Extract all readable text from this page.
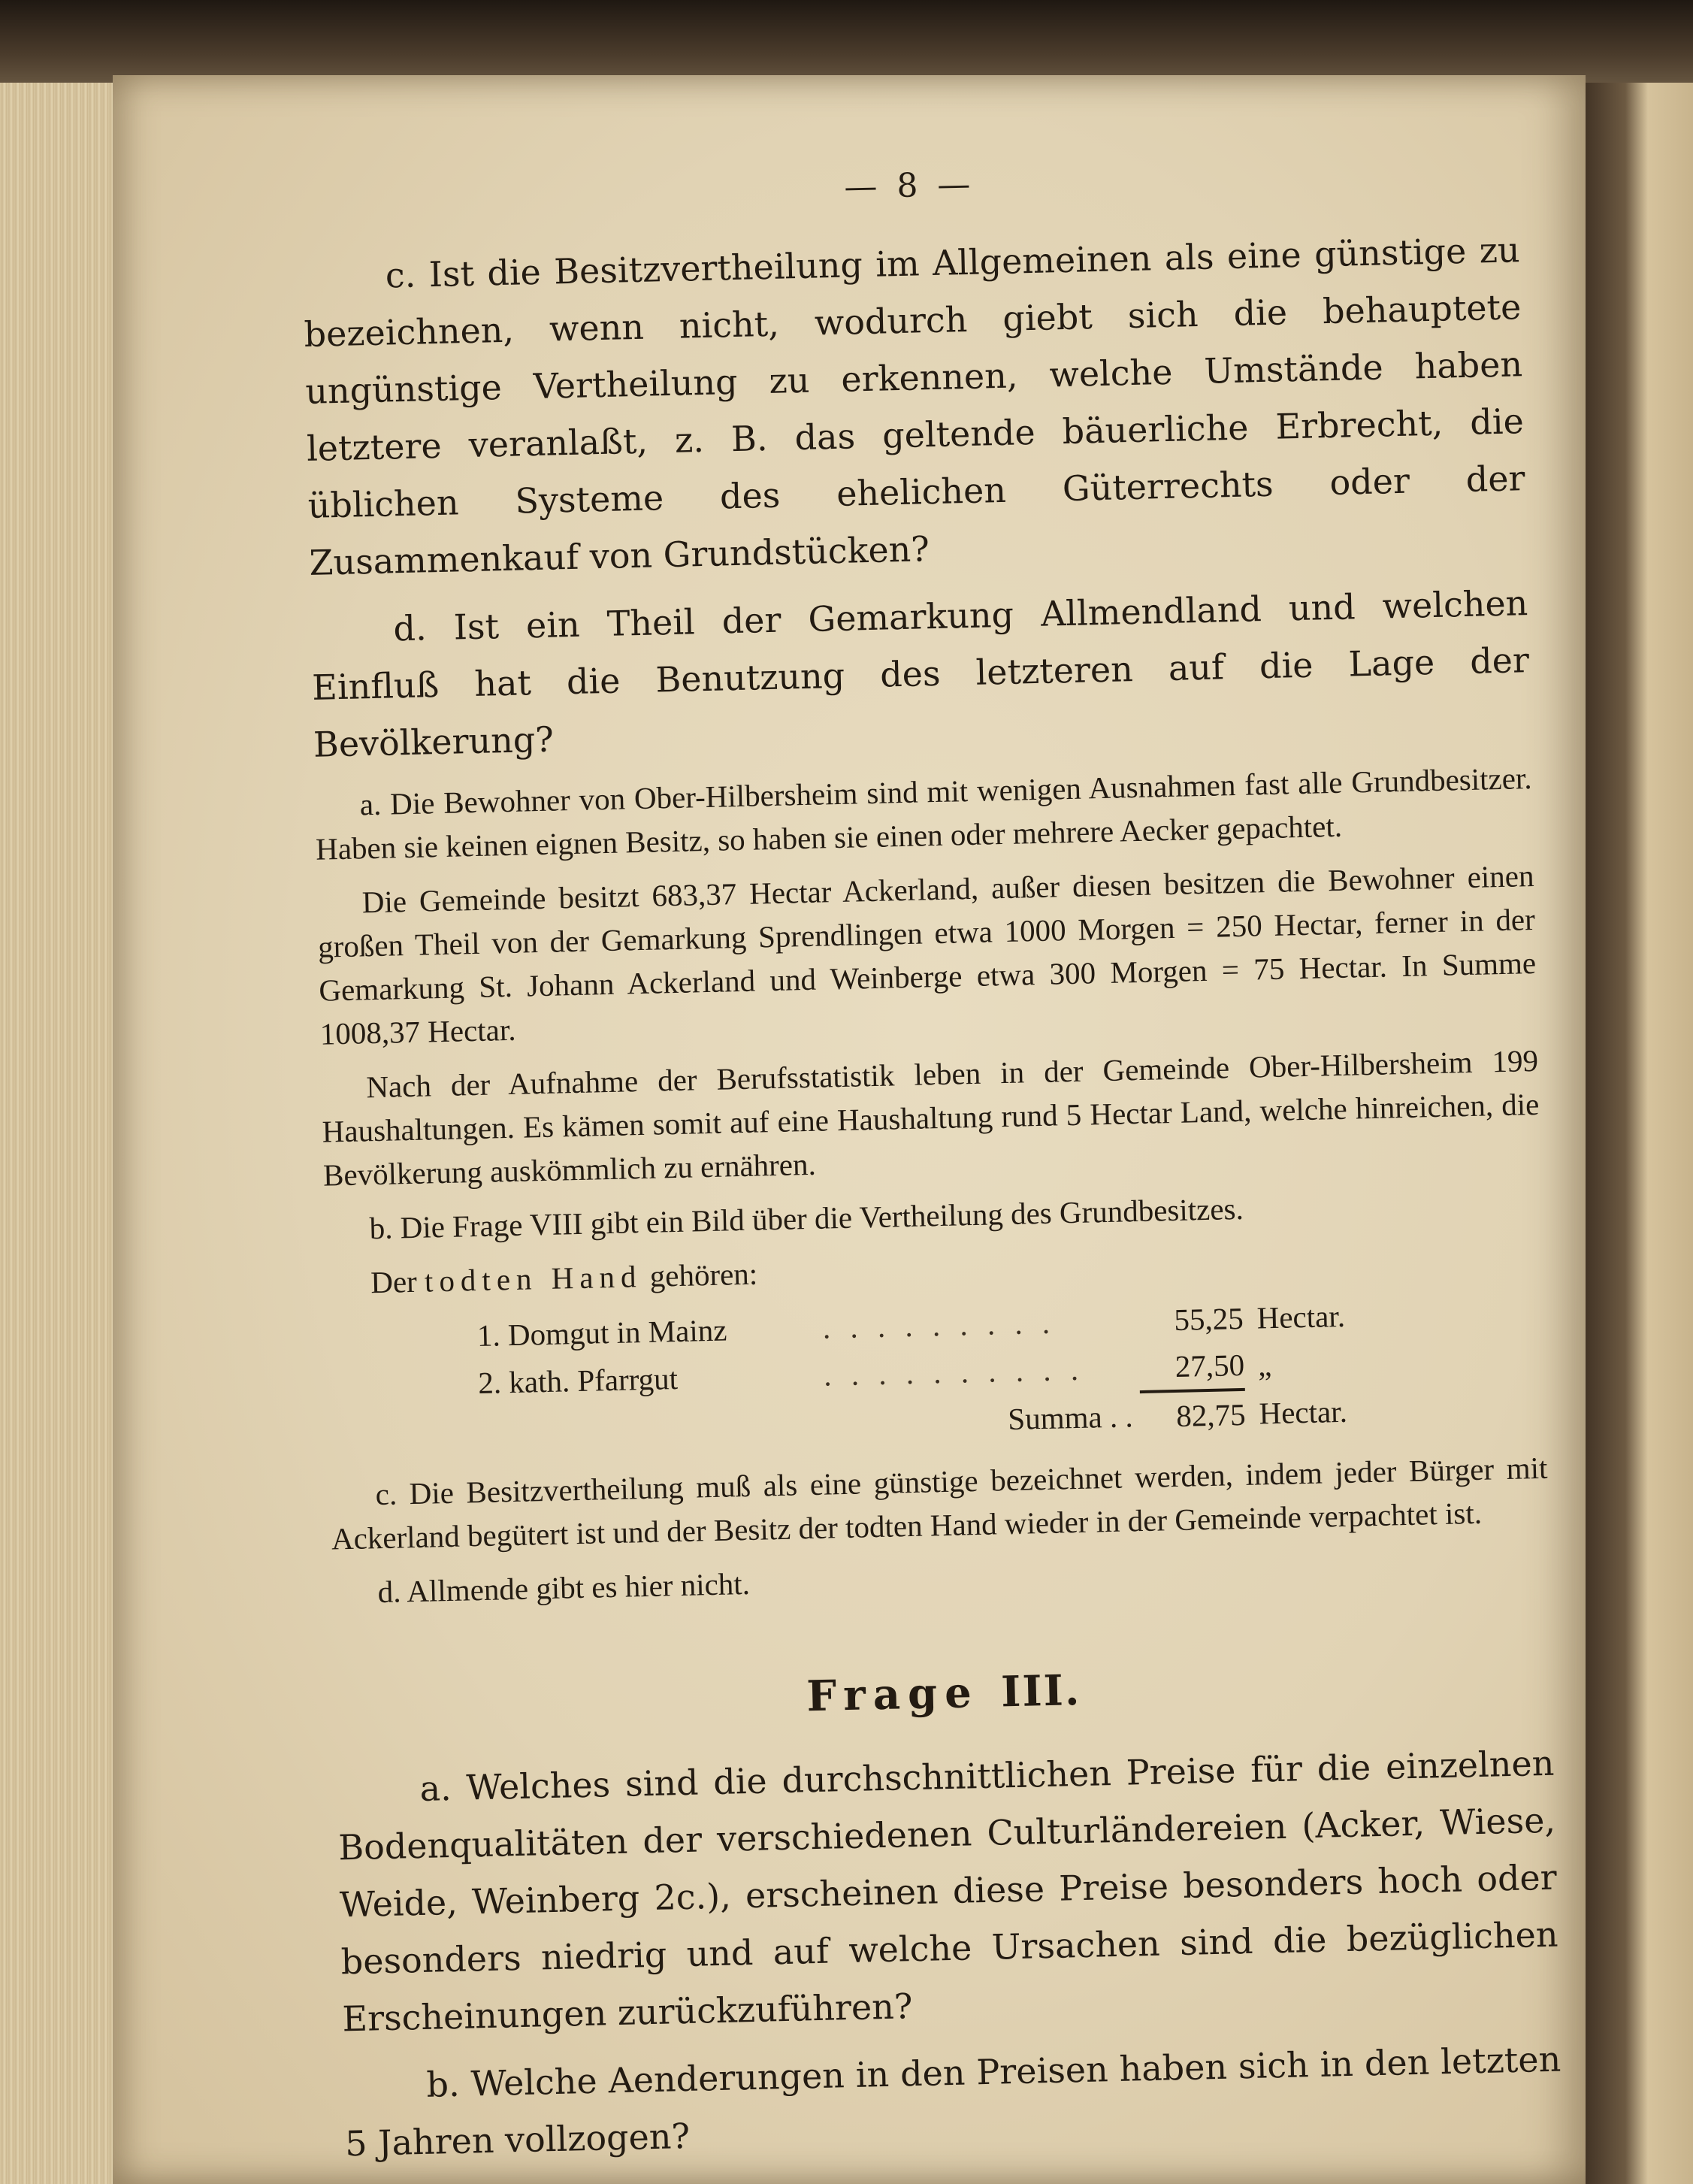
— 8 —

c. Ist die Besitzvertheilung im Allgemeinen als eine günstige zu bezeichnen, wenn nicht, wodurch giebt sich die behauptete ungünstige Vertheilung zu erkennen, welche Umstände haben letztere veranlaßt, z. B. das geltende bäuerliche Erbrecht, die üblichen Systeme des ehelichen Güterrechts oder der Zusammenkauf von Grundstücken?

d. Ist ein Theil der Gemarkung Allmendland und welchen Einfluß hat die Benutzung des letzteren auf die Lage der Bevölkerung?

a. Die Bewohner von Ober-Hilbersheim sind mit wenigen Ausnahmen fast alle Grundbesitzer. Haben sie keinen eignen Besitz, so haben sie einen oder mehrere Aecker gepachtet.

Die Gemeinde besitzt 683,37 Hectar Ackerland, außer diesen besitzen die Bewohner einen großen Theil von der Gemarkung Sprendlingen etwa 1000 Morgen = 250 Hectar, ferner in der Gemarkung St. Johann Ackerland und Weinberge etwa 300 Morgen = 75 Hectar. In Summe 1008,37 Hectar.

Nach der Aufnahme der Berufsstatistik leben in der Gemeinde Ober-Hilbersheim 199 Haushaltungen. Es kämen somit auf eine Haushaltung rund 5 Hectar Land, welche hinreichen, die Bevölkerung auskömmlich zu ernähren.

b. Die Frage VIII gibt ein Bild über die Vertheilung des Grundbesitzes.

Der todten Hand gehören:

1. Domgut in Mainz	. . . . . . . . .	55,25	Hectar.
2. kath. Pfarrgut	. . . . . . . . . .	27,50	„
Summa . .		82,75	Hectar.

c. Die Besitzvertheilung muß als eine günstige bezeichnet werden, indem jeder Bürger mit Ackerland begütert ist und der Besitz der todten Hand wieder in der Gemeinde verpachtet ist.

d. Allmende gibt es hier nicht.

Frage III.

a. Welches sind die durchschnittlichen Preise für die einzelnen Bodenqualitäten der verschiedenen Culturländereien (Acker, Wiese, Weide, Weinberg 2c.), erscheinen diese Preise besonders hoch oder besonders niedrig und auf welche Ursachen sind die bezüglichen Erscheinungen zurückzuführen?

b. Welche Aenderungen in den Preisen haben sich in den letzten 5 Jahren vollzogen?
